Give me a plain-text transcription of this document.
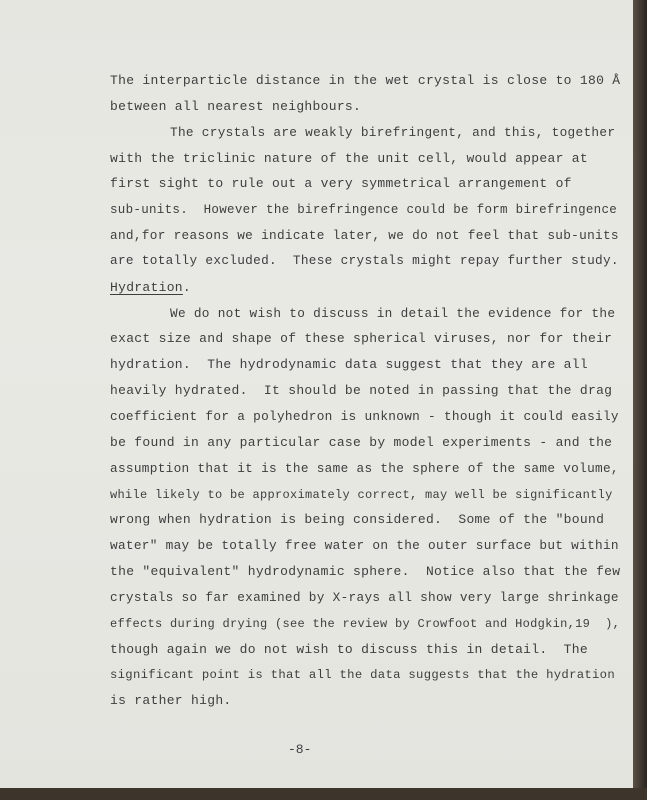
The interparticle distance in the wet crystal is close to 180 Å
between all nearest neighbours.
The crystals are weakly birefringent, and this, together
with the triclinic nature of the unit cell, would appear at
first sight to rule out a very symmetrical arrangement of
sub-units.  However the birefringence could be form birefringence
and,for reasons we indicate later, we do not feel that sub-units
are totally excluded.  These crystals might repay further study.
Hydration.
We do not wish to discuss in detail the evidence for the
exact size and shape of these spherical viruses, nor for their
hydration.  The hydrodynamic data suggest that they are all
heavily hydrated.  It should be noted in passing that the drag
coefficient for a polyhedron is unknown - though it could easily
be found in any particular case by model experiments - and the
assumption that it is the same as the sphere of the same volume,
while likely to be approximately correct, may well be significantly
wrong when hydration is being considered.  Some of the "bound
water" may be totally free water on the outer surface but within
the "equivalent" hydrodynamic sphere.  Notice also that the few
crystals so far examined by X-rays all show very large shrinkage
effects during drying (see the review by Crowfoot and Hodgkin,19  ),
though again we do not wish to discuss this in detail.  The
significant point is that all the data suggests that the hydration
is rather high.
-8-
